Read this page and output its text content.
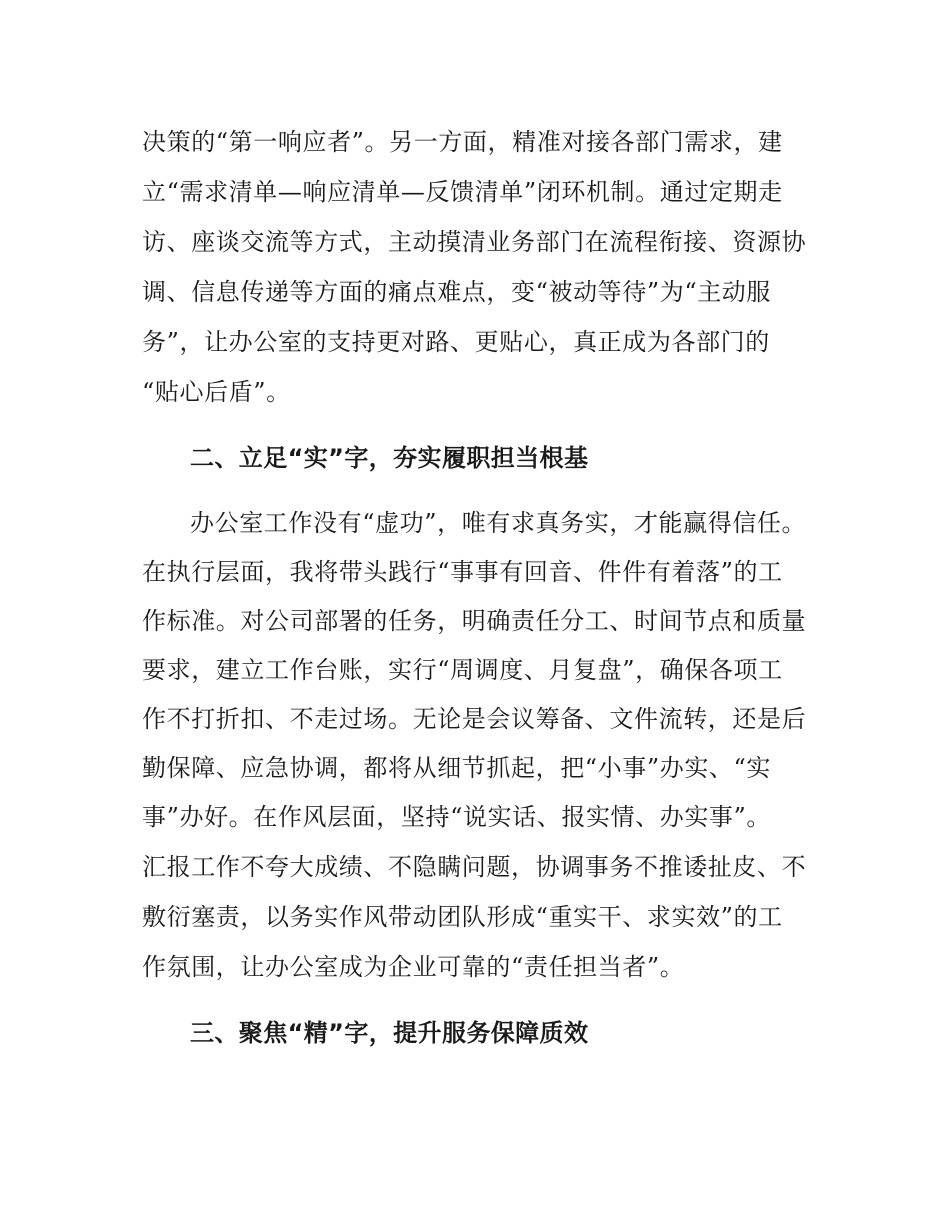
决策的“第一响应者”。另一方面，精准对接各部门需求，建
立“需求清单—响应清单—反馈清单”闭环机制。通过定期走
访、座谈交流等方式，主动摸清业务部门在流程衔接、资源协
调、信息传递等方面的痛点难点，变“被动等待”为“主动服
务”，让办公室的支持更对路、更贴心，真正成为各部门的
“贴心后盾”。
二、立足“实”字，夯实履职担当根基
办公室工作没有“虚功”，唯有求真务实，才能赢得信任。
在执行层面，我将带头践行“事事有回音、件件有着落”的工
作标准。对公司部署的任务，明确责任分工、时间节点和质量
要求，建立工作台账，实行“周调度、月复盘”，确保各项工
作不打折扣、不走过场。无论是会议筹备、文件流转，还是后
勤保障、应急协调，都将从细节抓起，把“小事”办实、“实
事”办好。在作风层面，坚持“说实话、报实情、办实事”。
汇报工作不夸大成绩、不隐瞒问题，协调事务不推诿扯皮、不
敷衍塞责，以务实作风带动团队形成“重实干、求实效”的工
作氛围，让办公室成为企业可靠的“责任担当者”。
三、聚焦“精”字，提升服务保障质效
